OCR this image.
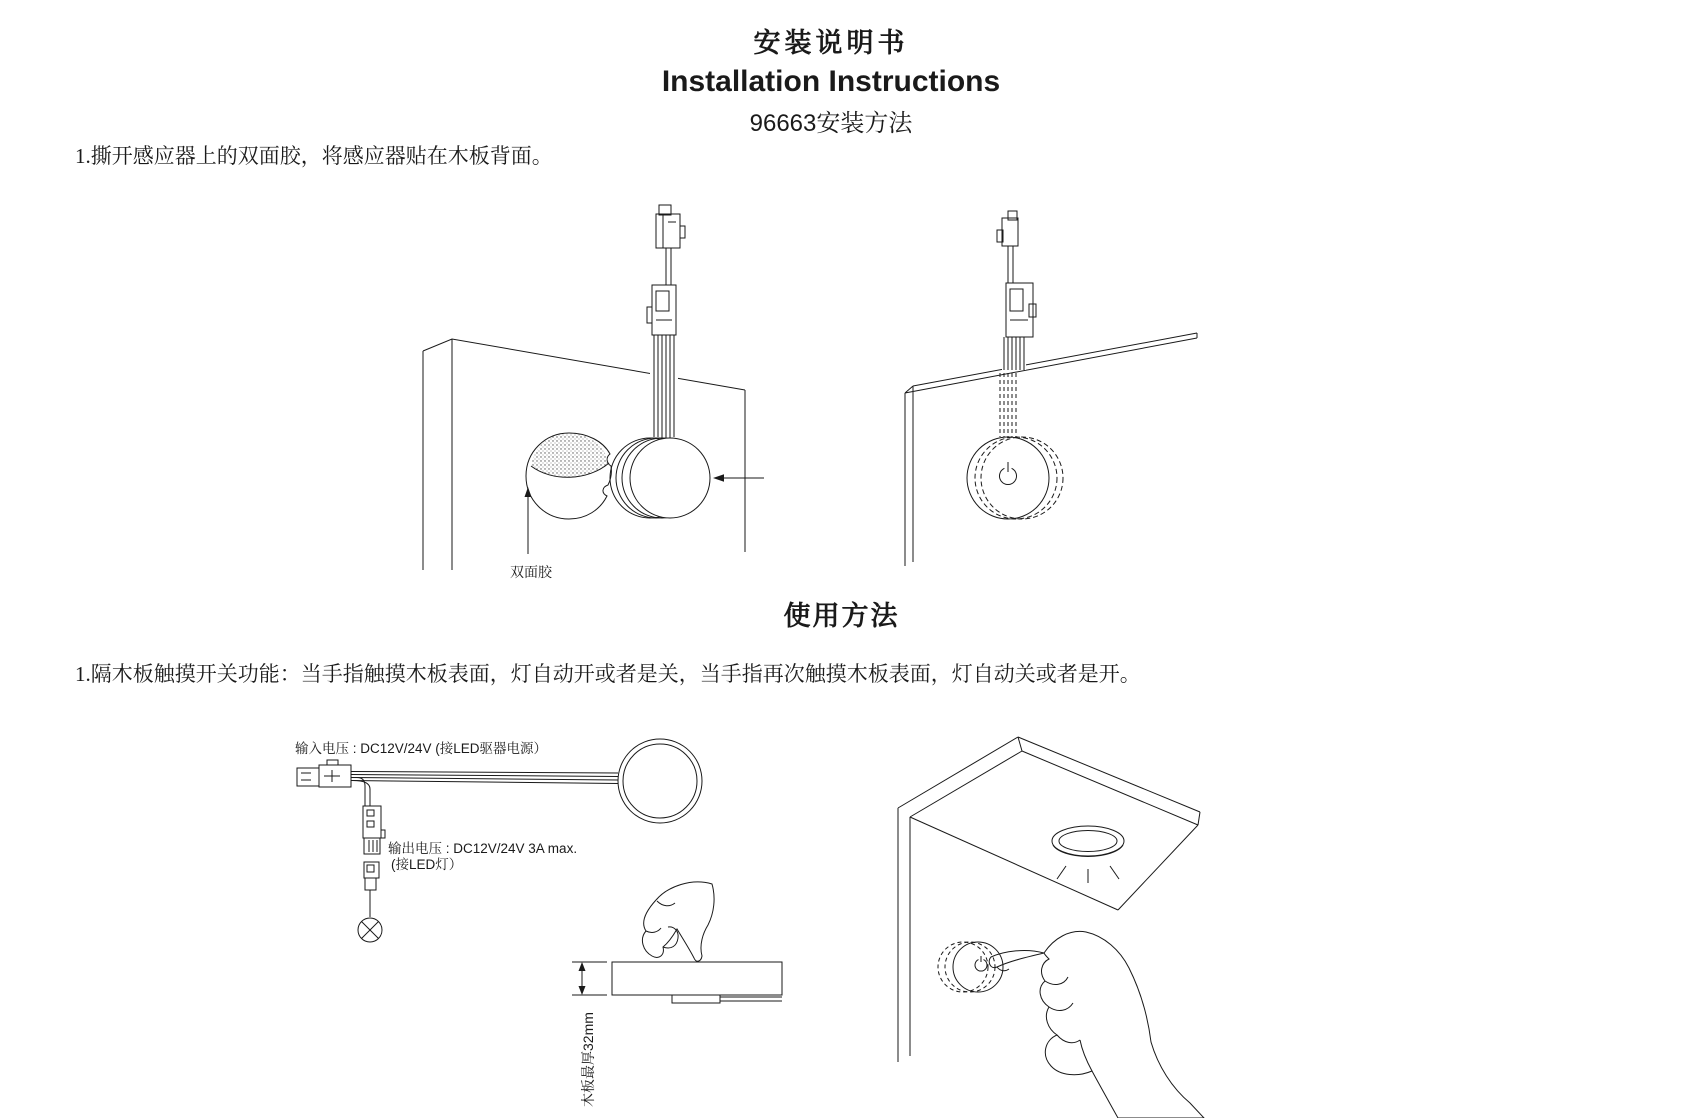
安装说明书
Installation Instructions
96663安装方法
1.撕开感应器上的双面胶，将感应器贴在木板背面。
双面胶
使用方法
1.隔木板触摸开关功能：当手指触摸木板表面，灯自动开或者是关，当手指再次触摸木板表面，灯自动关或者是开。
输入电压 : DC12V/24V (接LED驱器电源）
输出电压 : DC12V/24V 3A max.
(接LED灯）
木板最厚32mm
